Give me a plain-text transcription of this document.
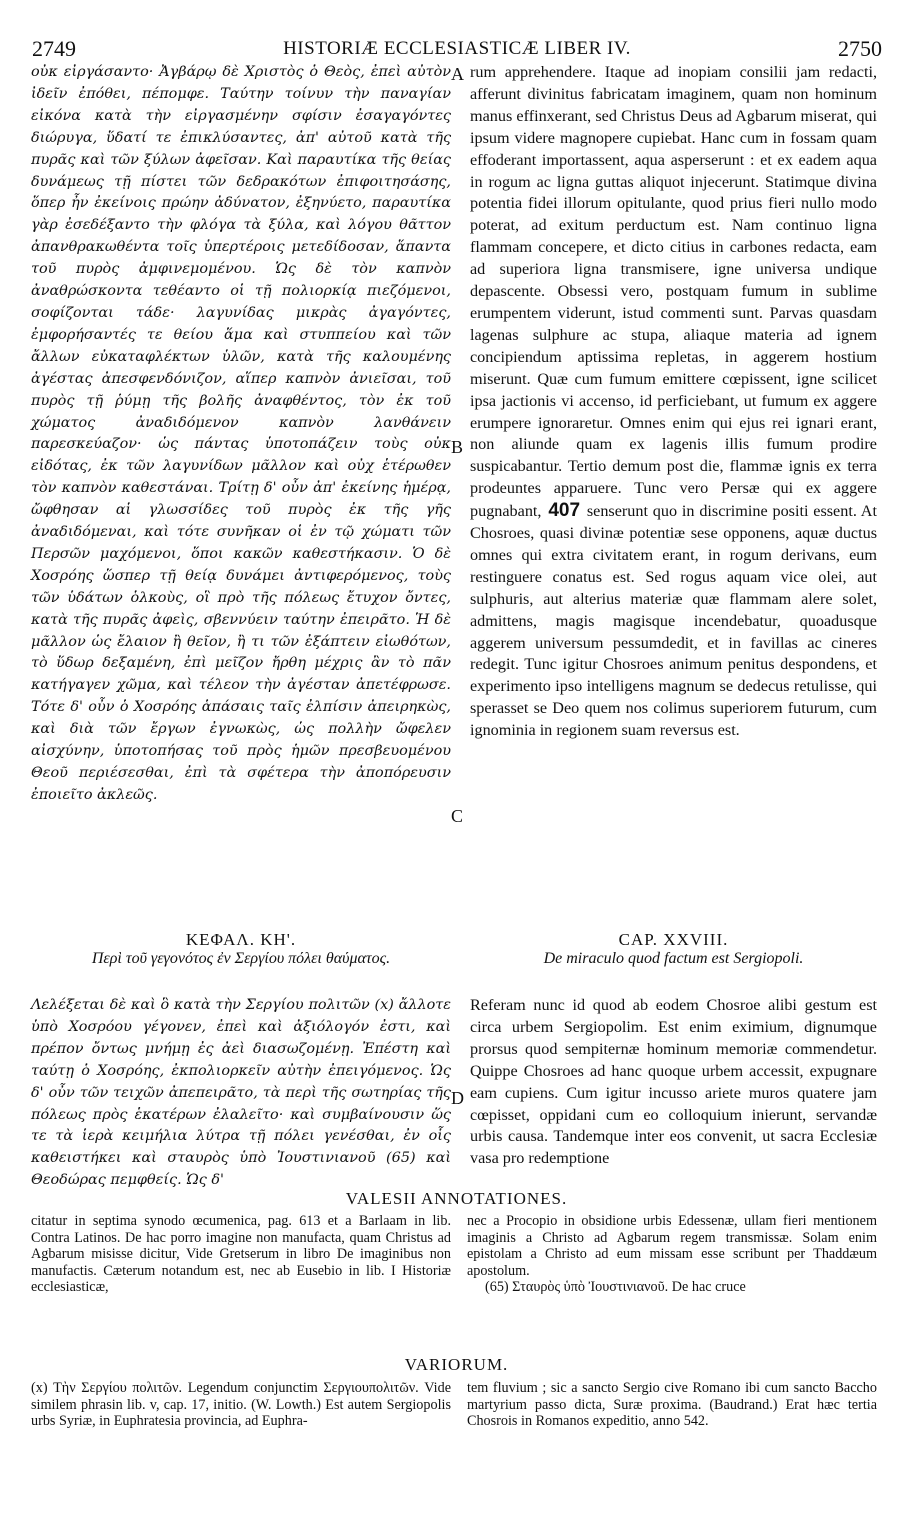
2749	HISTORIÆ ECCLESIASTICÆ LIBER IV.	2750
A
B
C
D

οὐκ εἰργάσαντο· Ἀγβάρῳ δὲ Χριστὸς ὁ Θεὸς, ἐπεὶ αὐτὸν ἰδεῖν ἐπόθει, πέπομφε. Ταύτην τοίνυν τὴν παναγίαν εἰκόνα κατὰ τὴν εἰργασμένην σφίσιν ἐσαγαγόντες διώρυγα, ὕδατί τε ἐπικλύσαντες, ἀπ' αὐτοῦ κατὰ τῆς πυρᾶς καὶ τῶν ξύλων ἀφεῖσαν. Καὶ παραυτίκα τῆς θείας δυνάμεως τῇ πίστει τῶν δεδρακότων ἐπιφοιτησάσης, ὅπερ ἦν ἐκείνοις πρώην ἀδύνατον, ἐξηνύετο, παραυτίκα γὰρ ἐσεδέξαντο τὴν φλόγα τὰ ξύλα, καὶ λόγου θᾶττον ἀπανθρακωθέντα τοῖς ὑπερτέροις μετεδίδοσαν, ἅπαντα τοῦ πυρὸς ἀμφινεμομένου. Ὡς δὲ τὸν καπνὸν ἀναθρώσκοντα τεθέαντο οἱ τῇ πολιορκίᾳ πιεζόμενοι, σοφίζονται τάδε· λαγυνίδας μικρὰς ἀγαγόντες, ἐμφορήσαντές τε θείου ἅμα καὶ στυππείου καὶ τῶν ἄλλων εὐκαταφλέκτων ὑλῶν, κατὰ τῆς καλουμένης ἀγέστας ἀπεσφενδόνιζον, αἵπερ καπνὸν ἀνιεῖσαι, τοῦ πυρὸς τῇ ῥύμῃ τῆς βολῆς ἀναφθέντος, τὸν ἐκ τοῦ χώματος ἀναδιδόμενον καπνὸν λανθάνειν παρεσκεύαζον· ὡς πάντας ὑποτοπάζειν τοὺς οὐκ εἰδότας, ἐκ τῶν λαγυνίδων μᾶλλον καὶ οὐχ ἑτέρωθεν τὸν καπνὸν καθεστάναι. Τρίτῃ δ' οὖν ἀπ' ἐκείνης ἡμέρᾳ, ὤφθησαν αἱ γλωσσίδες τοῦ πυρὸς ἐκ τῆς γῆς ἀναδιδόμεναι, καὶ τότε συνῆκαν οἱ ἐν τῷ χώματι τῶν Περσῶν μαχόμενοι, ὅποι κακῶν καθεστήκασιν. Ὁ δὲ Χοσρόης ὥσπερ τῇ θείᾳ δυνάμει ἀντιφερόμενος, τοὺς τῶν ὑδάτων ὁλκοὺς, οἳ πρὸ τῆς πόλεως ἔτυχον ὄντες, κατὰ τῆς πυρᾶς ἀφεὶς, σβεννύειν ταύτην ἐπειρᾶτο. Ἡ δὲ μᾶλλον ὡς ἔλαιον ἢ θεῖον, ἢ τι τῶν ἐξάπτειν εἰωθότων, τὸ ὕδωρ δεξαμένη, ἐπὶ μεῖζον ἤρθη μέχρις ἂν τὸ πᾶν κατήγαγεν χῶμα, καὶ τέλεον τὴν ἀγέσταν ἀπετέφρωσε. Τότε δ' οὖν ὁ Χοσρόης ἁπάσαις ταῖς ἐλπίσιν ἀπειρηκὼς, καὶ διὰ τῶν ἔργων ἐγνωκὼς, ὡς πολλὴν ὤφελεν αἰσχύνην, ὑποτοπήσας τοῦ πρὸς ἡμῶν πρεσβευομένου Θεοῦ περιέσεσθαι, ἐπὶ τὰ σφέτερα τὴν ἀποπόρευσιν ἐποιεῖτο ἀκλεῶς.

rum apprehendere. Itaque ad inopiam consilii jam redacti, afferunt divinitus fabricatam imaginem, quam non hominum manus effinxerant, sed Christus Deus ad Agbarum miserat, qui ipsum videre magnopere cupiebat. Hanc cum in fossam quam effoderant importassent, aqua asperserunt : et ex eadem aqua in rogum ac ligna guttas aliquot injecerunt. Statimque divina potentia fidei illorum opitulante, quod prius fieri nullo modo poterat, ad exitum perductum est. Nam continuo ligna flammam concepere, et dicto citius in carbones redacta, eam ad superiora ligna transmisere, igne universa undique depascente. Obsessi vero, postquam fumum in sublime erumpentem viderunt, istud commenti sunt. Parvas quasdam lagenas sulphure ac stupa, aliaque materia ad ignem concipiendum aptissima repletas, in aggerem hostium miserunt. Quæ cum fumum emittere cœpissent, igne scilicet ipsa jactionis vi accenso, id perficiebant, ut fumum ex aggere erumpere ignoraretur. Omnes enim qui ejus rei ignari erant, non aliunde quam ex lagenis illis fumum prodire suspicabantur. Tertio demum post die, flammæ ignis ex terra prodeuntes apparuere. Tunc vero Persæ qui ex aggere pugnabant, 407 senserunt quo in discrimine positi essent. At Chosroes, quasi divinæ potentiæ sese opponens, aquæ ductus omnes qui extra civitatem erant, in rogum derivans, eum restinguere conatus est. Sed rogus aquam vice olei, aut sulphuris, aut alterius materiæ quæ flammam alere solet, admittens, magis magisque incendebatur, quoadusque aggerem universum pessumdedit, et in favillas ac cineres redegit. Tunc igitur Chosroes animum penitus despondens, et experimento ipso intelligens magnum se dedecus retulisse, qui sperasset se Deo quem nos colimus superiorem futurum, cum ignominia in regionem suam reversus est.

ΚΕΦΑΛ. ΚΗ'.
Περὶ τοῦ γεγονότος ἐν Σεργίου πόλει θαύματος.
CAP. XXVIII.
De miraculo quod factum est Sergiopoli.

Λελέξεται δὲ καὶ ὃ κατὰ τὴν Σεργίου πολιτῶν (x) ἄλλοτε ὑπὸ Χοσρόου γέγονεν, ἐπεὶ καὶ ἀξιόλογόν ἐστι, καὶ πρέπον ὄντως μνήμῃ ἐς ἀεὶ διασωζομένῃ. Ἐπέστη καὶ ταύτῃ ὁ Χοσρόης, ἐκπολιορκεῖν αὐτὴν ἐπειγόμενος. Ὡς δ' οὖν τῶν τειχῶν ἀπεπειρᾶτο, τὰ περὶ τῆς σωτηρίας τῆς πόλεως πρὸς ἑκατέρων ἐλαλεῖτο· καὶ συμβαίνουσιν ὥς τε τὰ ἱερὰ κειμήλια λύτρα τῇ πόλει γενέσθαι, ἐν οἷς καθειστήκει καὶ σταυρὸς ὑπὸ Ἰουστινιανοῦ (65) καὶ Θεοδώρας πεμφθείς. Ὡς δ'

Referam nunc id quod ab eodem Chosroe alibi gestum est circa urbem Sergiopolim. Est enim eximium, dignumque prorsus quod sempiternæ hominum memoriæ commendetur. Quippe Chosroes ad hanc quoque urbem accessit, expugnare eam cupiens. Cum igitur incusso ariete muros quatere jam cœpisset, oppidani cum eo colloquium inierunt, servandæ urbis causa. Tandemque inter eos convenit, ut sacra Ecclesiæ vasa pro redemptione

VALESII ANNOTATIONES.

citatur in septima synodo œcumenica, pag. 613 et a Barlaam in lib. Contra Latinos. De hac porro imagine non manufacta, quam Christus ad Agbarum misisse dicitur, Vide Gretserum in libro De imaginibus non manufactis. Cæterum notandum est, nec ab Eusebio in lib. I Historiæ ecclesiasticæ,

nec a Procopio in obsidione urbis Edessenæ, ullam fieri mentionem imaginis a Christo ad Agbarum regem transmissæ. Solam enim epistolam a Christo ad eum missam esse scribunt per Thaddæum apostolum.

(65) Σταυρὸς ὑπὸ Ἰουστινιανοῦ. De hac cruce

VARIORUM.

(x) Τὴν Σεργίου πολιτῶν. Legendum conjunctim Σεργιουπολιτῶν. Vide similem phrasin lib. v, cap. 17, initio. (W. Lowth.) Est autem Sergiopolis urbs Syriæ, in Euphratesia provincia, ad Euphra-

tem fluvium ; sic a sancto Sergio cive Romano ibi cum sancto Baccho martyrium passo dicta, Suræ proxima. (Baudrand.) Erat hæc tertia Chosrois in Romanos expeditio, anno 542.
